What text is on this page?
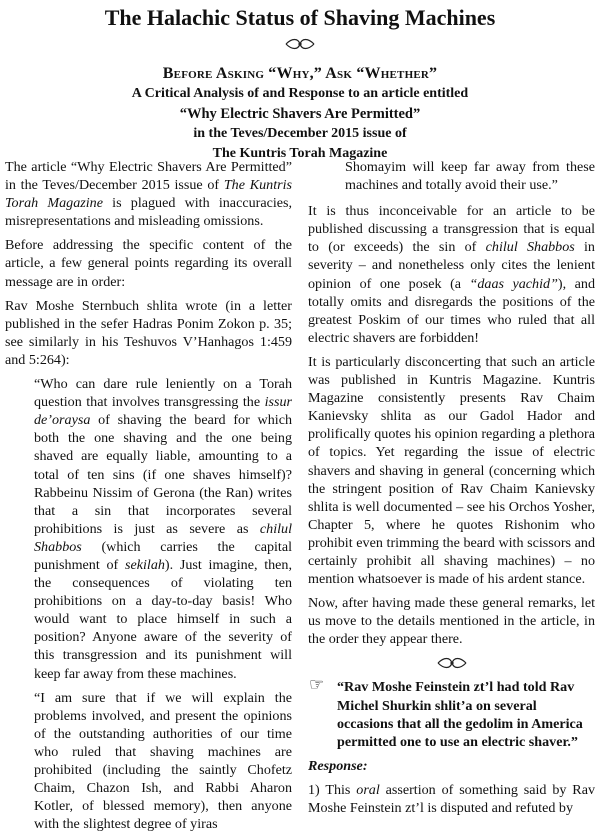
The Halachic Status of Shaving Machines
Before Asking “Why,” Ask “Whether”
A Critical Analysis of and Response to an article entitled
“Why Electric Shavers Are Permitted”
in the Teves/December 2015 issue of
The Kuntris Torah Magazine

The article “Why Electric Shavers Are Permitted” in the Teves/December 2015 issue of The Kuntris Torah Magazine is plagued with inaccuracies, misrepresentations and misleading omissions.

Before addressing the specific content of the article, a few general points regarding its overall message are in order:

Rav Moshe Sternbuch shlita wrote (in a letter published in the sefer Hadras Ponim Zokon p. 35; see similarly in his Teshuvos V’Hanhagos 1:459 and 5:264):

“Who can dare rule leniently on a Torah question that involves transgressing the issur de’oraysa of shaving the beard for which both the one shaving and the one being shaved are equally liable, amounting to a total of ten sins (if one shaves himself)? Rabbeinu Nissim of Gerona (the Ran) writes that a sin that incorporates several prohibitions is just as severe as chilul Shabbos (which carries the capital punishment of sekilah). Just imagine, then, the consequences of violating ten prohibitions on a day-to-day basis! Who would want to place himself in such a position? Anyone aware of the severity of this transgression and its punishment will keep far away from these machines.

“I am sure that if we will explain the problems involved, and present the opinions of the outstanding authorities of our time who ruled that shaving machines are prohibited (including the saintly Chofetz Chaim, Chazon Ish, and Rabbi Aharon Kotler, of blessed memory), then anyone with the slightest degree of yiras

Shomayim will keep far away from these machines and totally avoid their use.”

It is thus inconceivable for an article to be published discussing a transgression that is equal to (or exceeds) the sin of chilul Shabbos in severity – and nonetheless only cites the lenient opinion of one posek (a “daas yachid”), and totally omits and disregards the positions of the greatest Poskim of our times who ruled that all electric shavers are forbidden!

It is particularly disconcerting that such an article was published in Kuntris Magazine. Kuntris Magazine consistently presents Rav Chaim Kanievsky shlita as our Gadol Hador and prolifically quotes his opinion regarding a plethora of topics. Yet regarding the issue of electric shavers and shaving in general (concerning which the stringent position of Rav Chaim Kanievsky shlita is well documented – see his Orchos Yosher, Chapter 5, where he quotes Rishonim who prohibit even trimming the beard with scissors and certainly prohibit all shaving machines) – no mention whatsoever is made of his ardent stance.

Now, after having made these general remarks, let us move to the details mentioned in the article, in the order they appear there.

☞ “Rav Moshe Feinstein zt’l had told Rav Michel Shurkin shlit’a on several occasions that all the gedolim in America permitted one to use an electric shaver.”

Response:

1) This oral assertion of something said by Rav Moshe Feinstein zt’l is disputed and refuted by
